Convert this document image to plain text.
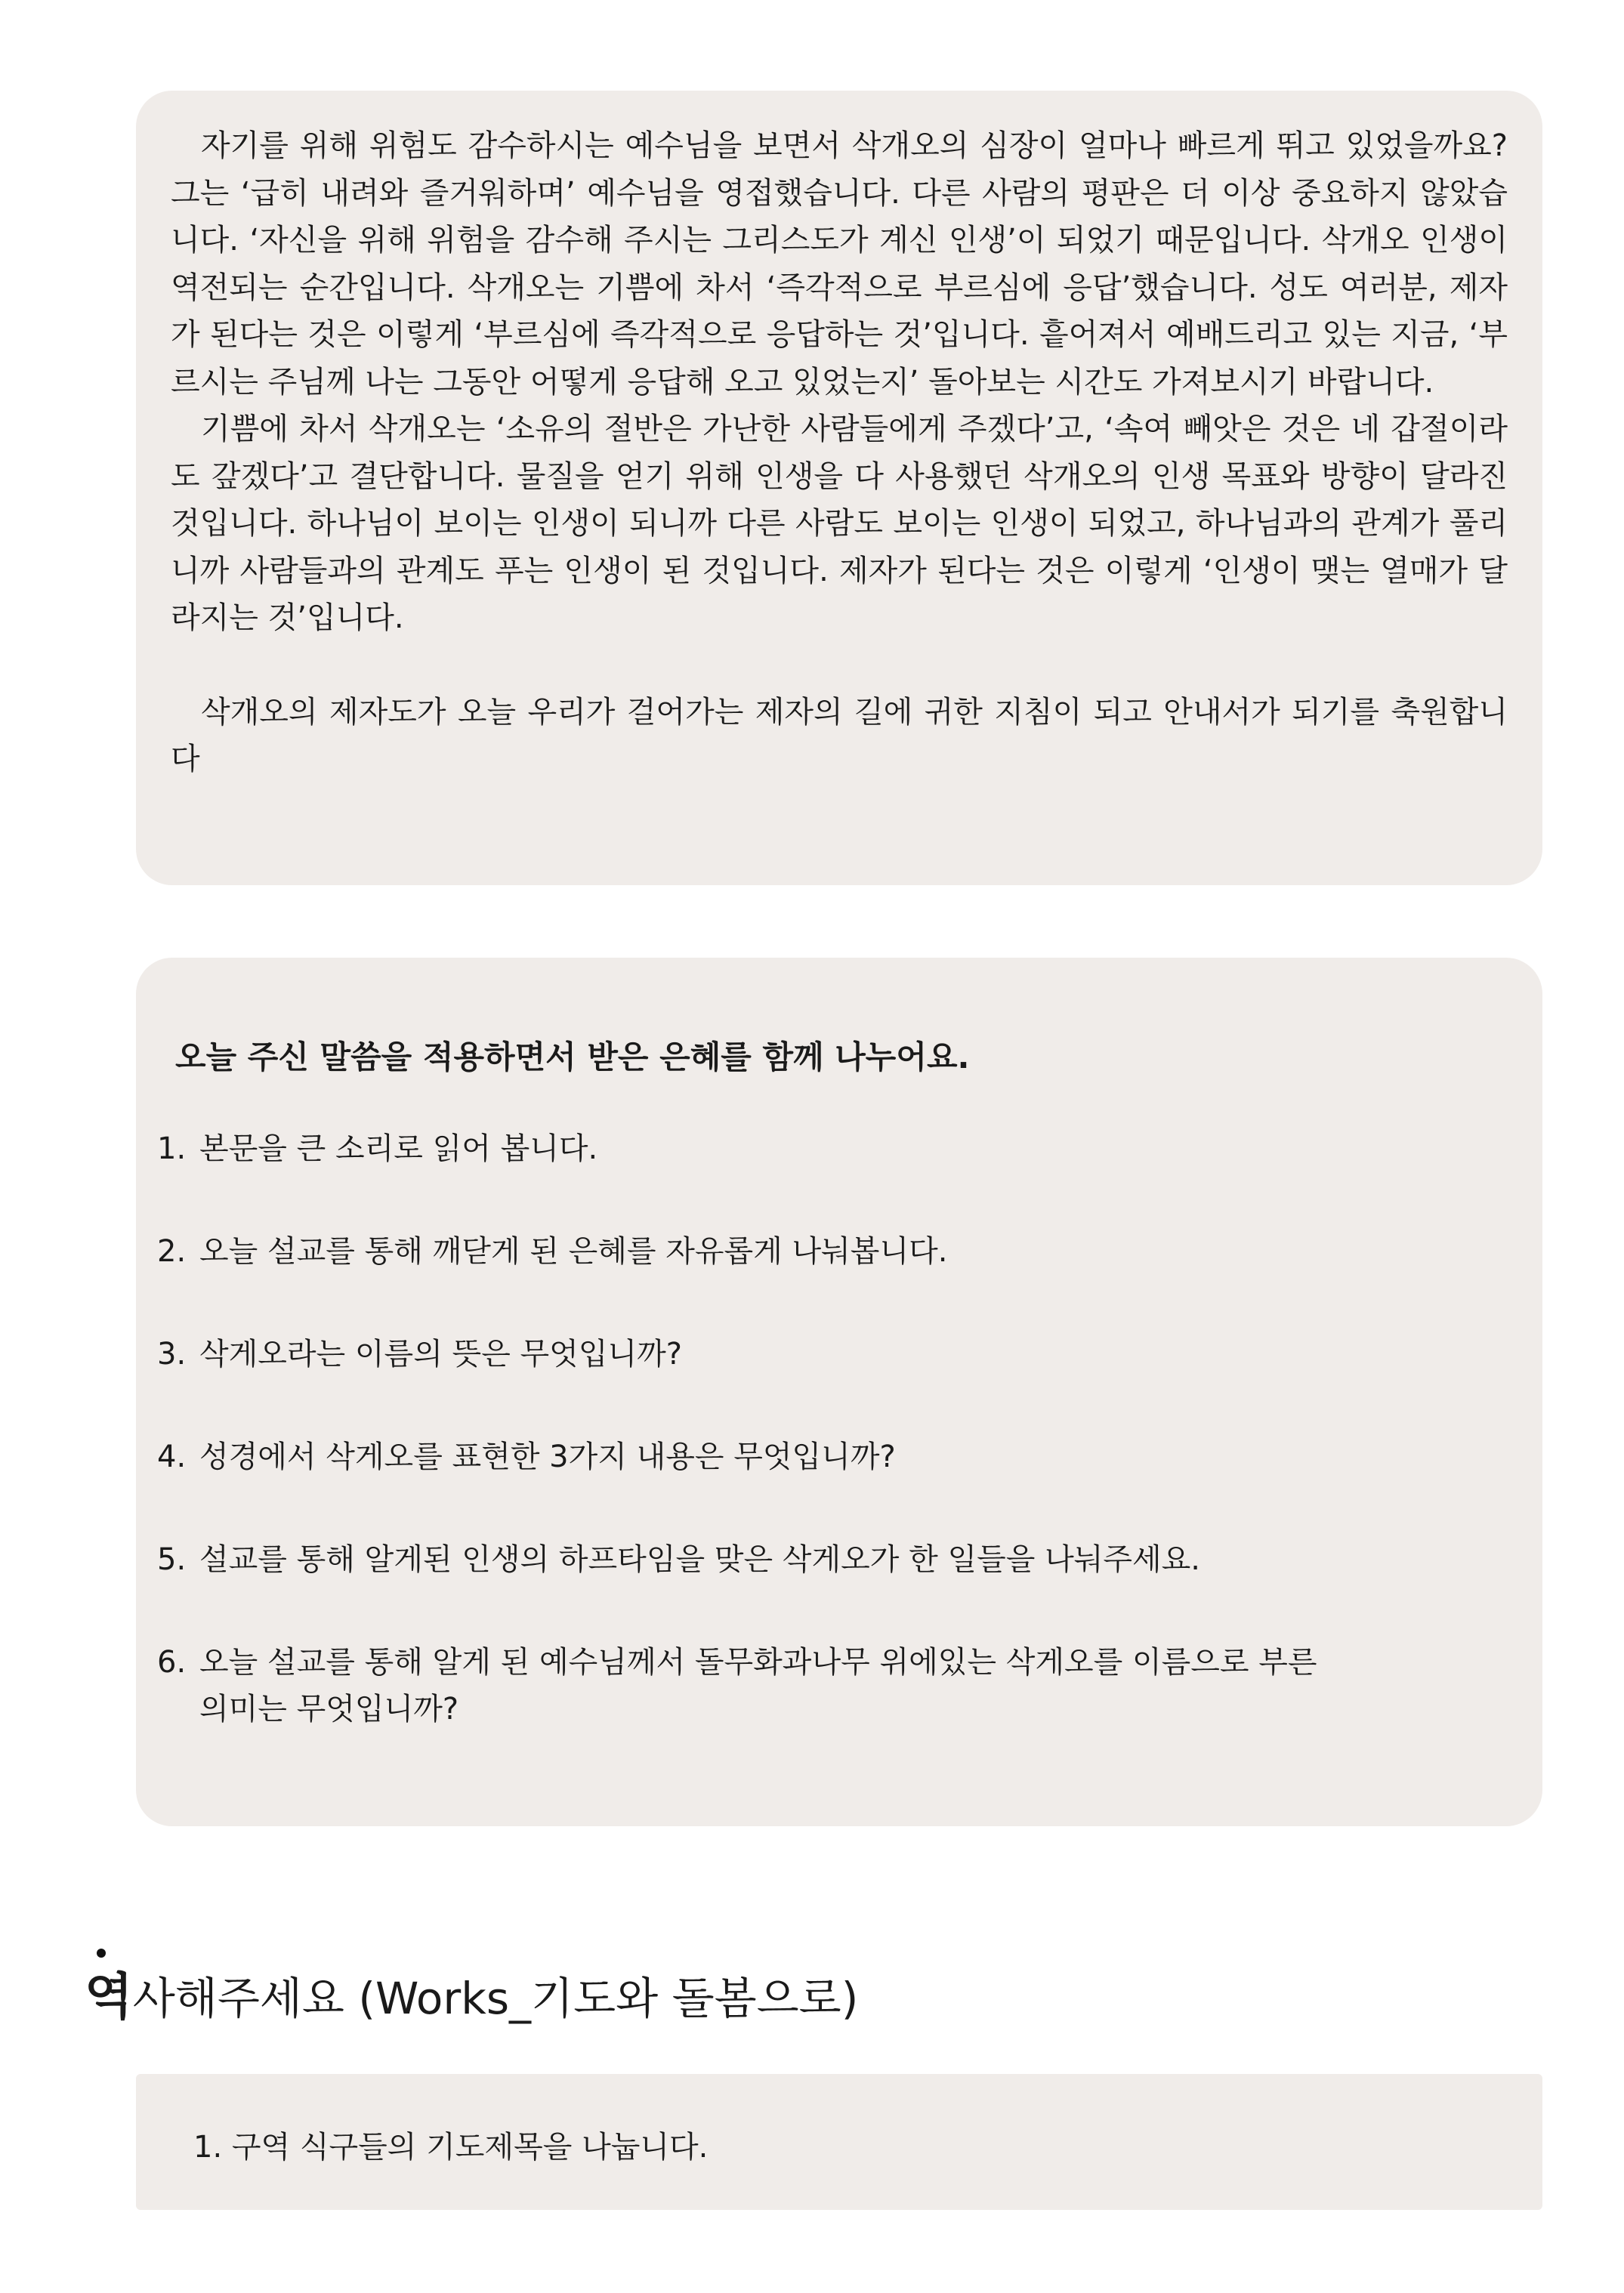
자기를 위해 위험도 감수하시는 예수님을 보면서 삭개오의 심장이 얼마나 빠르게 뛰고 있었을까요? 그는 ‘급히 내려와 즐거워하며’ 예수님을 영접했습니다. 다른 사람의 평판은 더 이상 중요하지 않았습니다. ‘자신을 위해 위험을 감수해 주시는 그리스도가 계신 인생’이 되었기 때문입니다. 삭개오 인생이 역전되는 순간입니다. 삭개오는 기쁨에 차서 ‘즉각적으로 부르심에 응답’했습니다. 성도 여러분, 제자가 된다는 것은 이렇게 ‘부르심에 즉각적으로 응답하는 것’입니다. 흩어져서 예배드리고 있는 지금, ‘부르시는 주님께 나는 그동안 어떻게 응답해 오고 있었는지’ 돌아보는 시간도 가져보시기 바랍니다.

기쁨에 차서 삭개오는 ‘소유의 절반은 가난한 사람들에게 주겠다’고, ‘속여 빼앗은 것은 네 갑절이라도 갚겠다’고 결단합니다. 물질을 얻기 위해 인생을 다 사용했던 삭개오의 인생 목표와 방향이 달라진 것입니다. 하나님이 보이는 인생이 되니까 다른 사람도 보이는 인생이 되었고, 하나님과의 관계가 풀리니까 사람들과의 관계도 푸는 인생이 된 것입니다. 제자가 된다는 것은 이렇게 ‘인생이 맺는 열매가 달라지는 것’입니다.

삭개오의 제자도가 오늘 우리가 걸어가는 제자의 길에 귀한 지침이 되고 안내서가 되기를 축원합니다

오늘 주신 말씀을 적용하면서 받은 은혜를 함께 나누어요.

1. 본문을 큰 소리로 읽어 봅니다.
2. 오늘 설교를 통해 깨닫게 된 은혜를 자유롭게 나눠봅니다.
3. 삭게오라는 이름의 뜻은 무엇입니까?
4. 성경에서 삭게오를 표현한 3가지 내용은 무엇입니까?
5. 설교를 통해 알게된 인생의 하프타임을 맞은 삭게오가 한 일들을 나눠주세요.
6. 오늘 설교를 통해 알게 된 예수님께서 돌무화과나무 위에있는 삭게오를 이름으로 부른
의미는 무엇입니까?
역사해주세요 (Works_기도와 돌봄으로)

1. 구역 식구들의 기도제목을 나눕니다.
